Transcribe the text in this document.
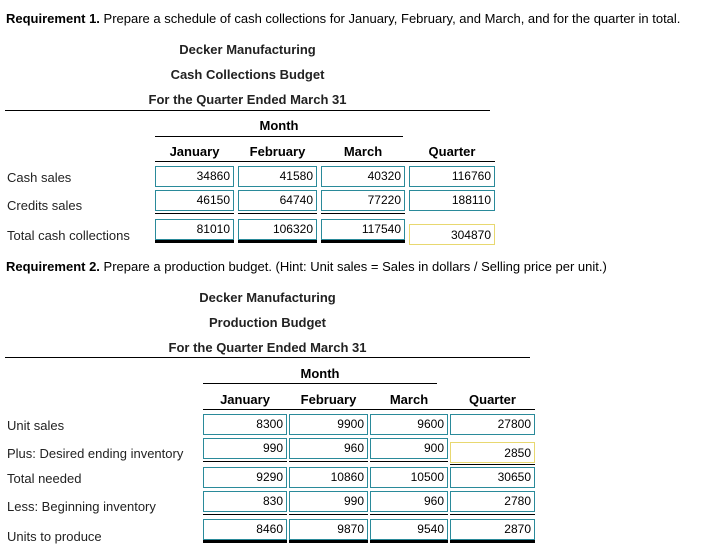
Requirement 1. Prepare a schedule of cash collections for January, February, and March, and for the quarter in total.
Decker Manufacturing
Cash Collections Budget
For the Quarter Ended March 31
Month
January	February	March	Quarter
Cash sales	34860	41580	40320	116760
Credits sales	46150	64740	77220	188110
Total cash collections	81010	106320	117540	304870
Requirement 2. Prepare a production budget. (Hint: Unit sales = Sales in dollars / Selling price per unit.)
Decker Manufacturing
Production Budget
For the Quarter Ended March 31
Month
January	February	March	Quarter
Unit sales	8300	9900	9600	27800
Plus: Desired ending inventory	990	960	900	2850
Total needed	9290	10860	10500	30650
Less: Beginning inventory	830	990	960	2780
Units to produce	8460	9870	9540	2870
